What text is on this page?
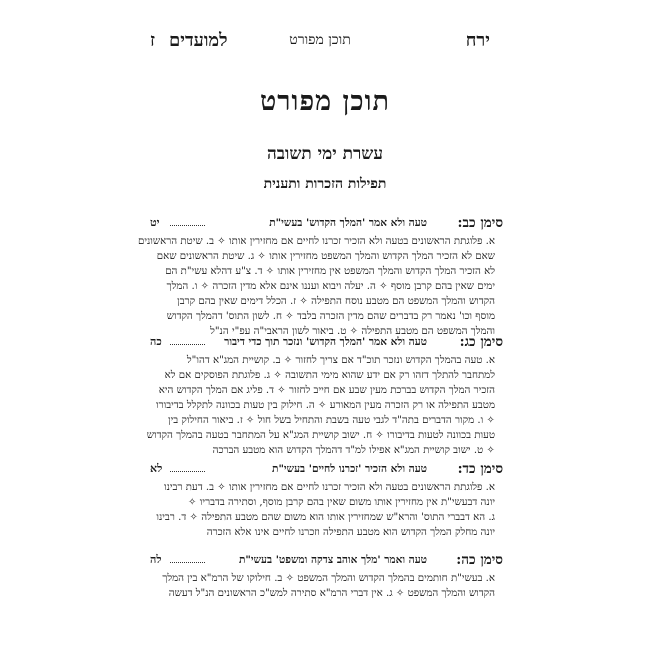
ירח
תוכן מפורט
למועדיםז
תוכן מפורט
עשרת ימי תשובה
תפילות הזכרות ותענית
סימן כב:
טעה ולא אמר 'המלך הקדוש' בעשי"ת
יט
א. פלוגתת הראשונים בטעה ולא הזכיר זכרנו לחיים אם מחזירין אותו ✧ ב. שיטת הראשונים
שאם לא הזכיר המלך הקדוש והמלך המשפט מחזירין אותו ✧ ג. שיטת הראשונים שאם
לא הזכיר המלך הקדוש והמלך המשפט אין מחזירין אותו ✧ ד. צ"ע דהלא עשי"ת הם
ימים שאין בהם קרבן מוסף ✧ ה. יעלה ויבוא ועננו אינם אלא מדין הזכרה ✧ ו. המלך
הקדוש והמלך המשפט הם מטבע נוסח התפילה ✧ ז. הכלל דימים שאין בהם קרבן
מוסף וכו' נאמר רק בדברים שהם מדין הזכרה בלבד ✧ ח. לשון התוס' דהמלך הקדוש
והמלך המשפט הם מטבע התפילה ✧ ט. ביאור לשון הראבי"ה עפ"י הנ"ל
סימן כג:
טעה ולא אמר 'המלך הקדוש' ונזכר תוך כדי דיבור
כה
א. טעה בהמלך הקדוש ונזכר תוכ"ד אם צריך לחזור ✧ ב. קושיית המג"א דהו"ל
למתחבר להתלך דזהו רק אם ידע שהוא מימי התשובה ✧ ג. פלוגתת הפוסקים אם לא
הזכיר המלך הקדוש בברכת מעין שבע אם חייב לחזור ✧ ד. פליג אם המלך הקדוש היא
מטבע התפילה או רק הזכרה מעין המאורע ✧ ה. חילוק בין טעות בכוונה לתקלל בדיבורו
✧ ו. מקור הדברים בתה"ד לגבי טעה בשבת והתחיל בשל חול ✧ ז. ביאור החילוק בין
טעות בכוונה לטעות בדיבורו ✧ ח. ישוב קושיית המג"א על המתחבר בטעה בהמלך הקדוש
✧ ט. ישוב קושיית המג"א אפילו למ"ד דהמלך הקדוש הוא מטבע הברכה
סימן כד:
טעה ולא הזכיר 'זכרנו לחיים' בעשי"ת
לא
א. פלוגתת הראשונים בטעה ולא הזכיר זכרנו לחיים אם מחזירין אותו ✧ ב. דעת רבינו
יונה דבעשי"ת אין מחזירין אותו משום שאין בהם קרבן מוסף, וסתירה בדבריו ✧
ג. הא דבברי התוס' והרא"ש שמחזירין אותו הוא משום שהם מטבע התפילה ✧ ד. רבינו
יונה מחלק המלך הקדוש הוא מטבע התפילה וזכרנו לחיים אינו אלא הזכרה
סימן כה:
טעה ואמר 'מלך אוהב צדקה ומשפט' בעשי"ת
לה
א. בעשי"ת חותמים בהמלך הקדוש והמלך המשפט ✧ ב. חילוקו של הרמ"א בין המלך
הקדוש והמלך המשפט ✧ ג. אין דברי הרמ"א סתירה למש"כ הראשונים הנ"ל דעשה
